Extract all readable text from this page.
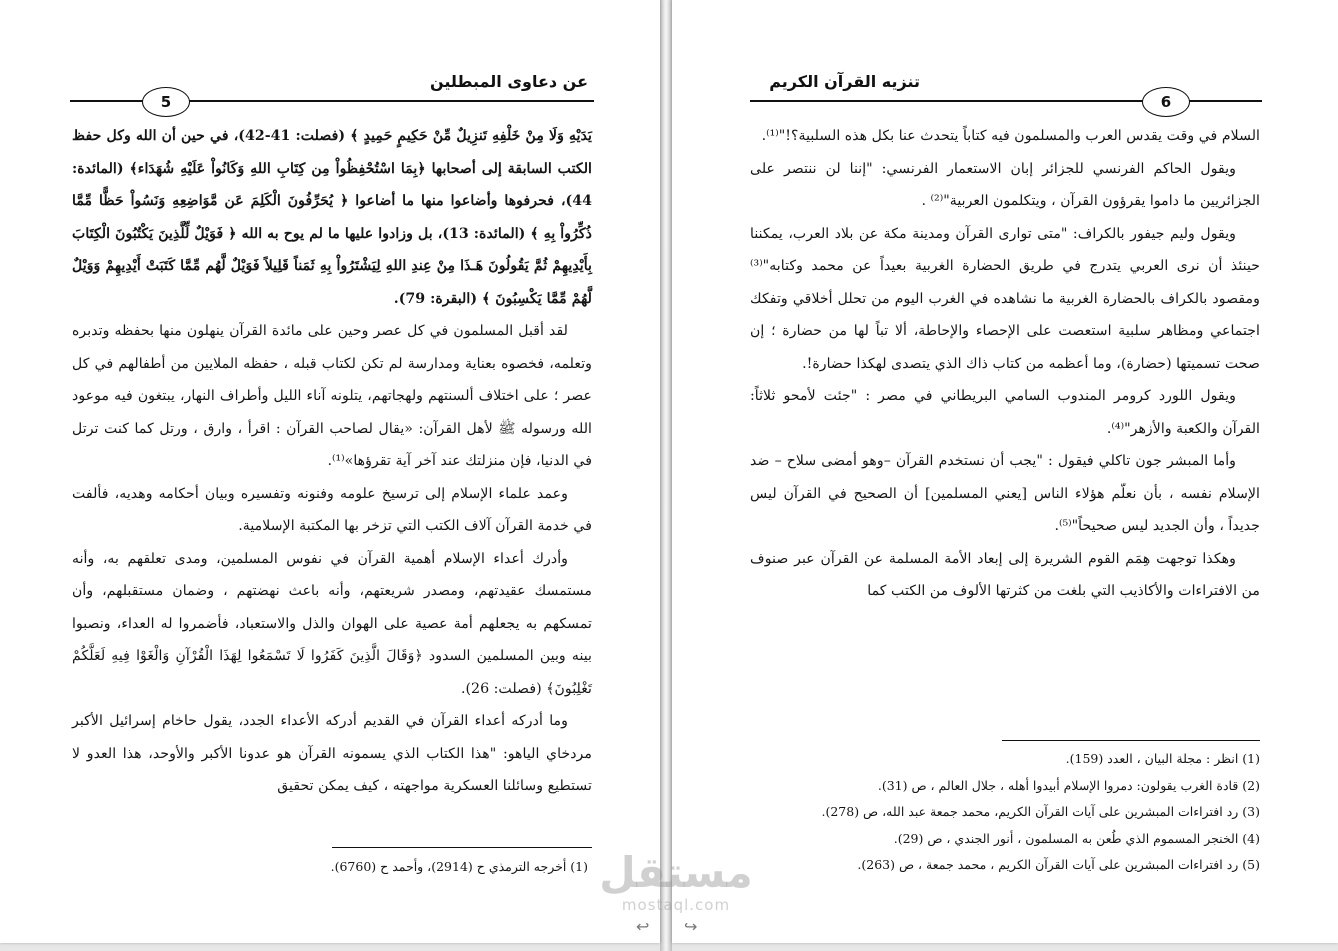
عن دعاوى المبطلين
5

يَدَيْهِ وَلَا مِنْ خَلْفِهِ تَنزِيلٌ مِّنْ حَكِيمٍ حَمِيدٍ ﴾ (فصلت: 41-42)، في حين أن الله وكل حفظ الكتب السابقة إلى أصحابها ﴿بِمَا اسْتُحْفِظُواْ مِن كِتَابِ اللهِ وَكَانُواْ عَلَيْهِ شُهَدَاء﴾ (المائدة: 44)، فحرفوها وأضاعوا منها ما أضاعوا ﴿ يُحَرِّفُونَ الْكَلِمَ عَن مَّوَاضِعِهِ وَنَسُواْ حَظًّا مِّمَّا ذُكِّرُواْ بِهِ ﴾ (المائدة: 13)، بل وزادوا عليها ما لم يوح به الله ﴿ فَوَيْلٌ لِّلَّذِينَ يَكْتُبُونَ الْكِتَابَ بِأَيْدِيهِمْ ثُمَّ يَقُولُونَ هَـذَا مِنْ عِندِ اللهِ لِيَشْتَرُواْ بِهِ ثَمَناً قَلِيلاً فَوَيْلٌ لَّهُم مِّمَّا كَتَبَتْ أَيْدِيهِمْ وَوَيْلٌ لَّهُمْ مِّمَّا يَكْسِبُونَ ﴾ (البقرة: 79).

لقد أقبل المسلمون في كل عصر وحين على مائدة القرآن ينهلون منها بحفظه وتدبره وتعلمه، فخصوه بعناية ومدارسة لم تكن لكتاب قبله ، حفظه الملايين من أطفالهم في كل عصر ؛ على اختلاف ألسنتهم ولهجاتهم، يتلونه آناء الليل وأطراف النهار، يبتغون فيه موعود الله ورسوله ﷺ لأهل القرآن: «يقال لصاحب القرآن : اقرأ ، وارق ، ورتل كما كنت ترتل في الدنيا، فإن منزلتك عند آخر آية تقرؤها»⁽¹⁾.

وعمد علماء الإسلام إلى ترسيخ علومه وفنونه وتفسيره وبيان أحكامه وهديه، فألفت في خدمة القرآن آلاف الكتب التي تزخر بها المكتبة الإسلامية.

وأدرك أعداء الإسلام أهمية القرآن في نفوس المسلمين، ومدى تعلقهم به، وأنه مستمسك عقيدتهم، ومصدر شريعتهم، وأنه باعث نهضتهم ، وضمان مستقبلهم، وأن تمسكهم به يجعلهم أمة عصية على الهوان والذل والاستعباد، فأضمروا له العداء، ونصبوا بينه وبين المسلمين السدود ﴿وَقَالَ الَّذِينَ كَفَرُوا لَا تَسْمَعُوا لِهَذَا الْقُرْآنِ وَالْغَوْا فِيهِ لَعَلَّكُمْ تَغْلِبُونَ﴾ (فصلت: 26).

وما أدركه أعداء القرآن في القديم أدركه الأعداء الجدد، يقول حاخام إسرائيل الأكبر مردخاي الياهو: "هذا الكتاب الذي يسمونه القرآن هو عدونا الأكبر والأوحد، هذا العدو لا تستطيع وسائلنا العسكرية مواجهته ، كيف يمكن تحقيق

(1) أخرجه الترمذي ح (2914)، وأحمد ح (6760).

تنزيه القرآن الكريم
6

السلام في وقت يقدس العرب والمسلمون فيه كتاباً يتحدث عنا بكل هذه السلبية؟!"⁽¹⁾.

ويقول الحاكم الفرنسي للجزائر إبان الاستعمار الفرنسي: "إننا لن ننتصر على الجزائريين ما داموا يقرؤون القرآن ، ويتكلمون العربية"⁽²⁾ .

ويقول وليم جيفور بالكراف: "متى توارى القرآن ومدينة مكة عن بلاد العرب، يمكننا حينئذ أن نرى العربي يتدرج في طريق الحضارة الغربية بعيداً عن محمد وكتابه"⁽³⁾ومقصود بالكراف بالحضارة الغربية ما نشاهده في الغرب اليوم من تحلل أخلاقي وتفكك اجتماعي ومظاهر سلبية استعصت على الإحصاء والإحاطة، ألا تباً لها من حضارة ؛ إن صحت تسميتها (حضارة)، وما أعظمه من كتاب ذاك الذي يتصدى لهكذا حضارة!.

ويقول اللورد كرومر المندوب السامي البريطاني في مصر : "جئت لأمحو ثلاثاً: القرآن والكعبة والأزهر"⁽⁴⁾.

وأما المبشر جون تاكلي فيقول : "يجب أن نستخدم القرآن –وهو أمضى سلاح – ضد الإسلام نفسه ، بأن نعلّم هؤلاء الناس [يعني المسلمين] أن الصحيح في القرآن ليس جديداً ، وأن الجديد ليس صحيحاً"⁽⁵⁾.

وهكذا توجهت هِمَم القوم الشريرة إلى إبعاد الأمة المسلمة عن القرآن عبر صنوف من الافتراءات والأكاذيب التي بلغت من كثرتها الألوف من الكتب كما

(1) انظر : مجلة البيان ، العدد (159).

(2) قادة الغرب يقولون: دمروا الإسلام أبيدوا أهله ، جلال العالم ، ص (31).

(3) رد افتراءات المبشرين على آيات القرآن الكريم، محمد جمعة عبد الله، ص (278).

(4) الخنجر المسموم الذي طُعن به المسلمون ، أنور الجندي ، ص (29).

(5) رد افتراءات المبشرين على آيات القرآن الكريم ، محمد جمعة ، ص (263).

مستقل
mostaql.com
↩ ↪
